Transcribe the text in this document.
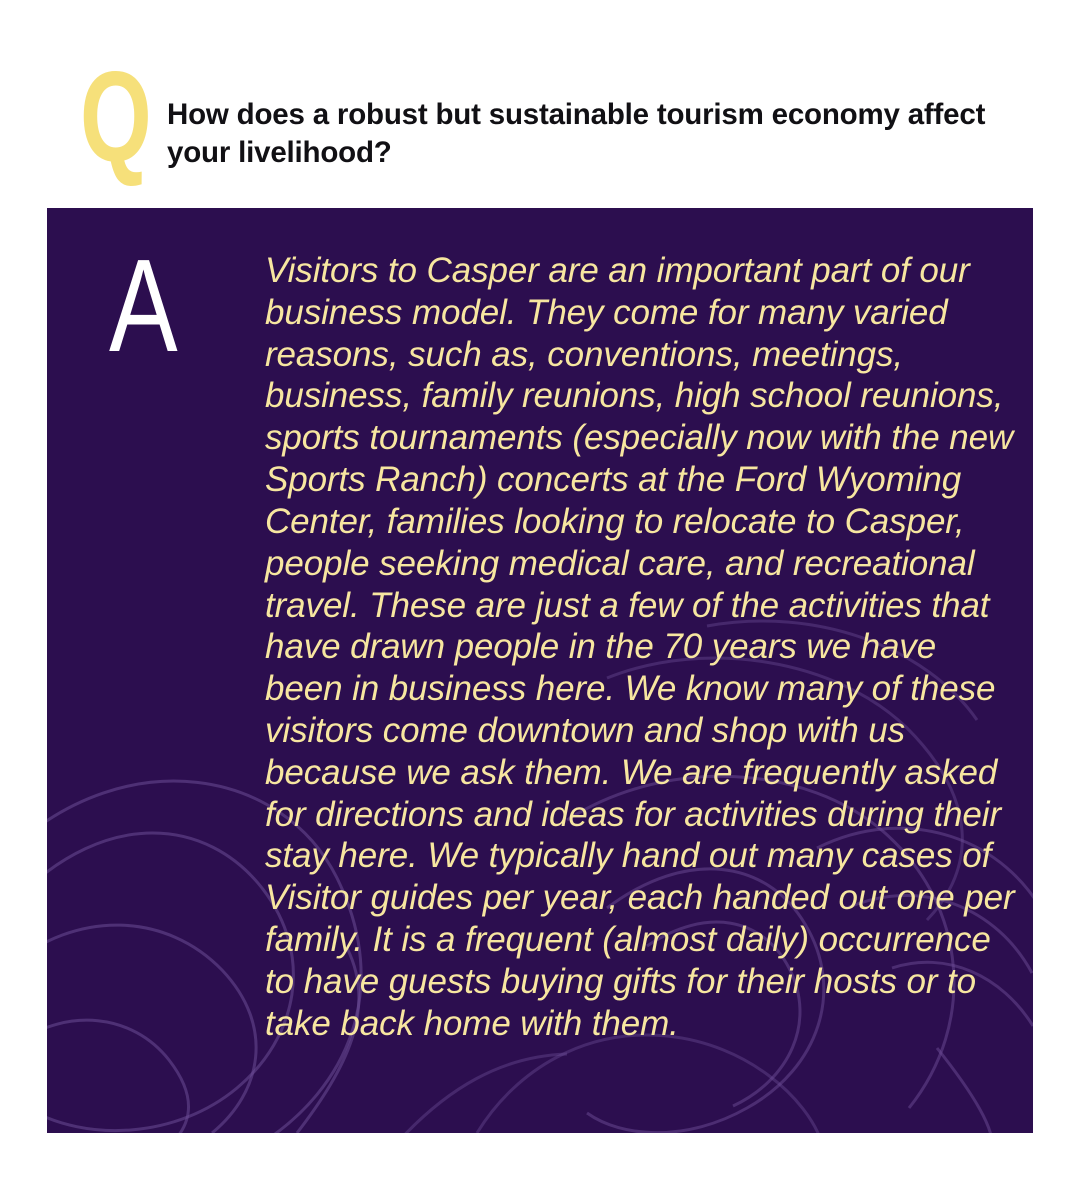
Q How does a robust but sustainable tourism economy affect your livelihood?
A Visitors to Casper are an important part of our business model. They come for many varied reasons, such as, conventions, meetings, business, family reunions, high school reunions, sports tournaments (especially now with the new Sports Ranch) concerts at the Ford Wyoming Center, families looking to relocate to Casper, people seeking medical care, and recreational travel. These are just a few of the activities that have drawn people in the 70 years we have been in business here. We know many of these visitors come downtown and shop with us because we ask them. We are frequently asked for directions and ideas for activities during their stay here. We typically hand out many cases of Visitor guides per year, each handed out one per family. It is a frequent (almost daily) occurrence to have guests buying gifts for their hosts or to take back home with them.
